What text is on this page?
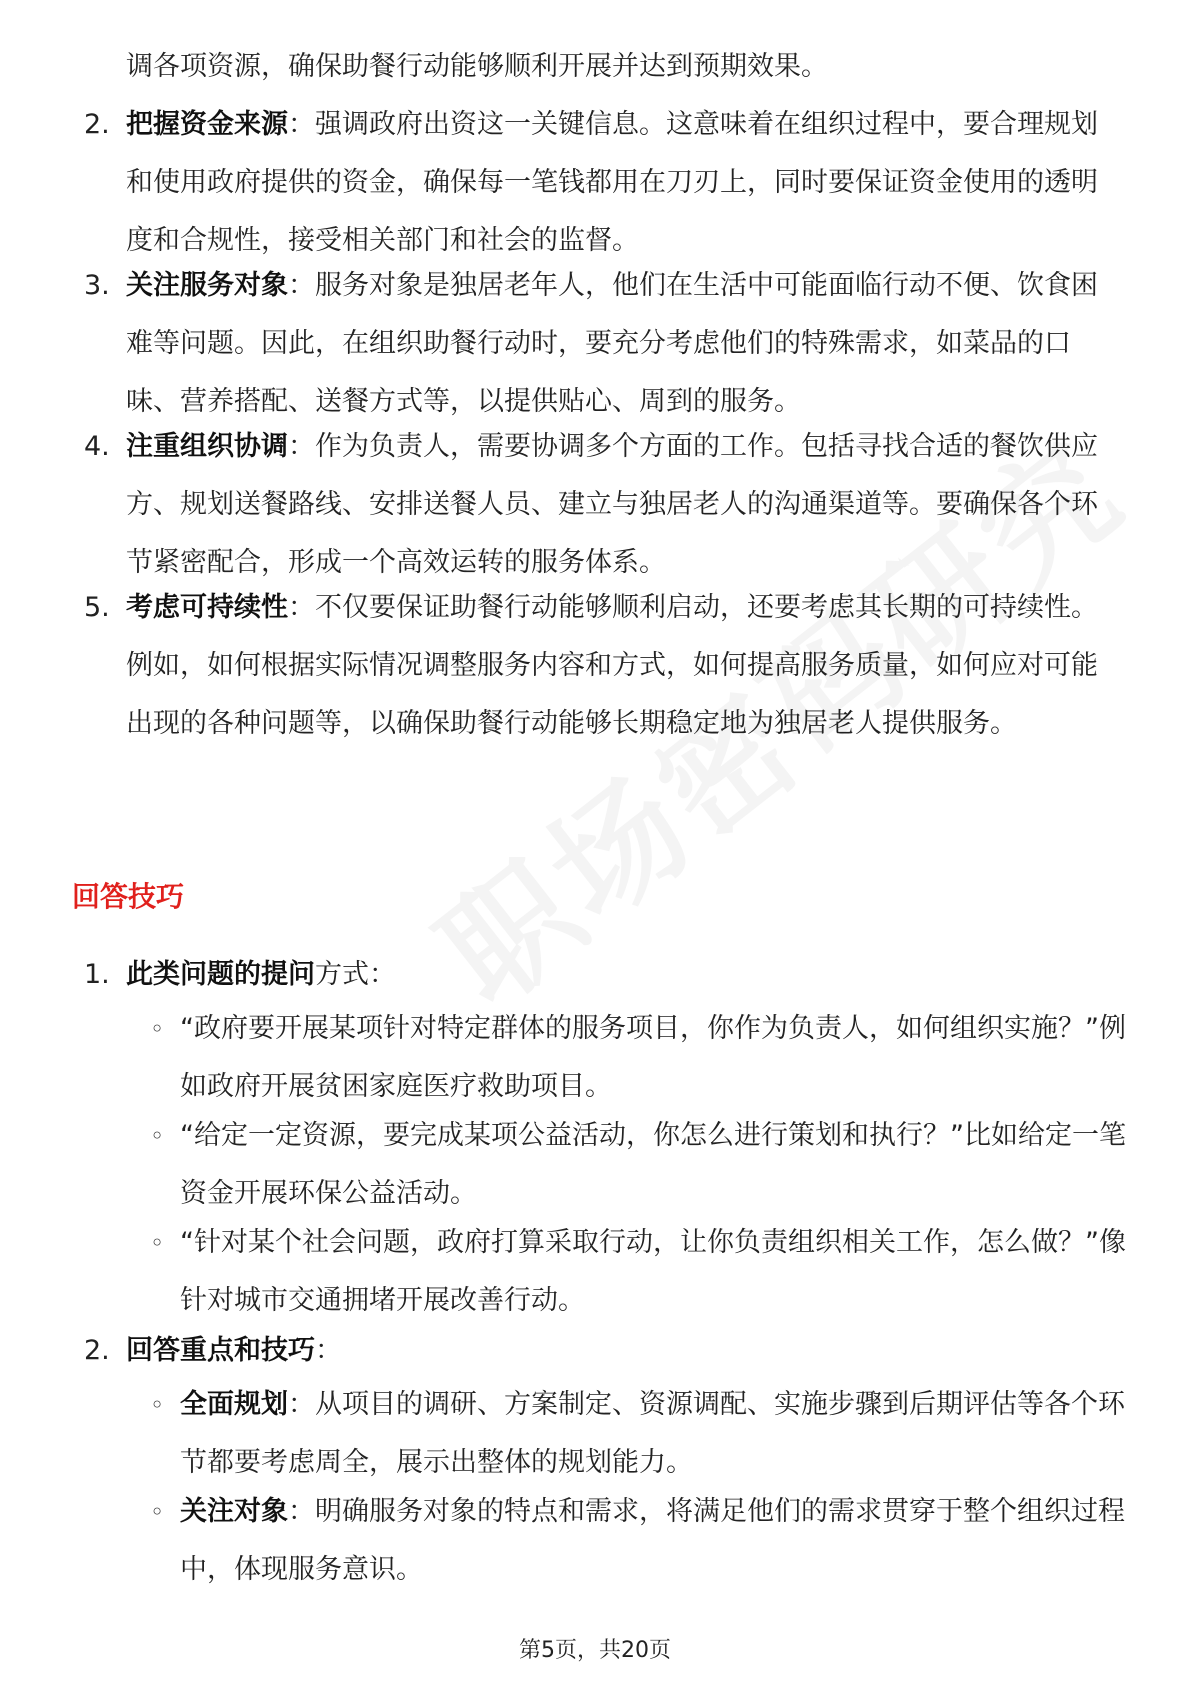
调各项资源，确保助餐行动能够顺利开展并达到预期效果。
2. 把握资金来源：强调政府出资这一关键信息。这意味着在组织过程中，要合理规划和使用政府提供的资金，确保每一笔钱都用在刀刃上，同时要保证资金使用的透明度和合规性，接受相关部门和社会的监督。
3. 关注服务对象：服务对象是独居老年人，他们在生活中可能面临行动不便、饮食困难等问题。因此，在组织助餐行动时，要充分考虑他们的特殊需求，如菜品的口味、营养搭配、送餐方式等，以提供贴心、周到的服务。
4. 注重组织协调：作为负责人，需要协调多个方面的工作。包括寻找合适的餐饮供应方、规划送餐路线、安排送餐人员、建立与独居老人的沟通渠道等。要确保各个环节紧密配合，形成一个高效运转的服务体系。
5. 考虑可持续性：不仅要保证助餐行动能够顺利启动，还要考虑其长期的可持续性。例如，如何根据实际情况调整服务内容和方式，如何提高服务质量，如何应对可能出现的各种问题等，以确保助餐行动能够长期稳定地为独居老人提供服务。
回答技巧
1. 此类问题的提问方式：
◦ “政府要开展某项针对特定群体的服务项目，你作为负责人，如何组织实施？”例如政府开展贫困家庭医疗救助项目。
◦ “给定一定资源，要完成某项公益活动，你怎么进行策划和执行？”比如给定一笔资金开展环保公益活动。
◦ “针对某个社会问题，政府打算采取行动，让你负责组织相关工作，怎么做？”像针对城市交通拥堵开展改善行动。
2. 回答重点和技巧：
◦ 全面规划：从项目的调研、方案制定、资源调配、实施步骤到后期评估等各个环节都要考虑周全，展示出整体的规划能力。
◦ 关注对象：明确服务对象的特点和需求，将满足他们的需求贯穿于整个组织过程中，体现服务意识。
第5页，共20页
